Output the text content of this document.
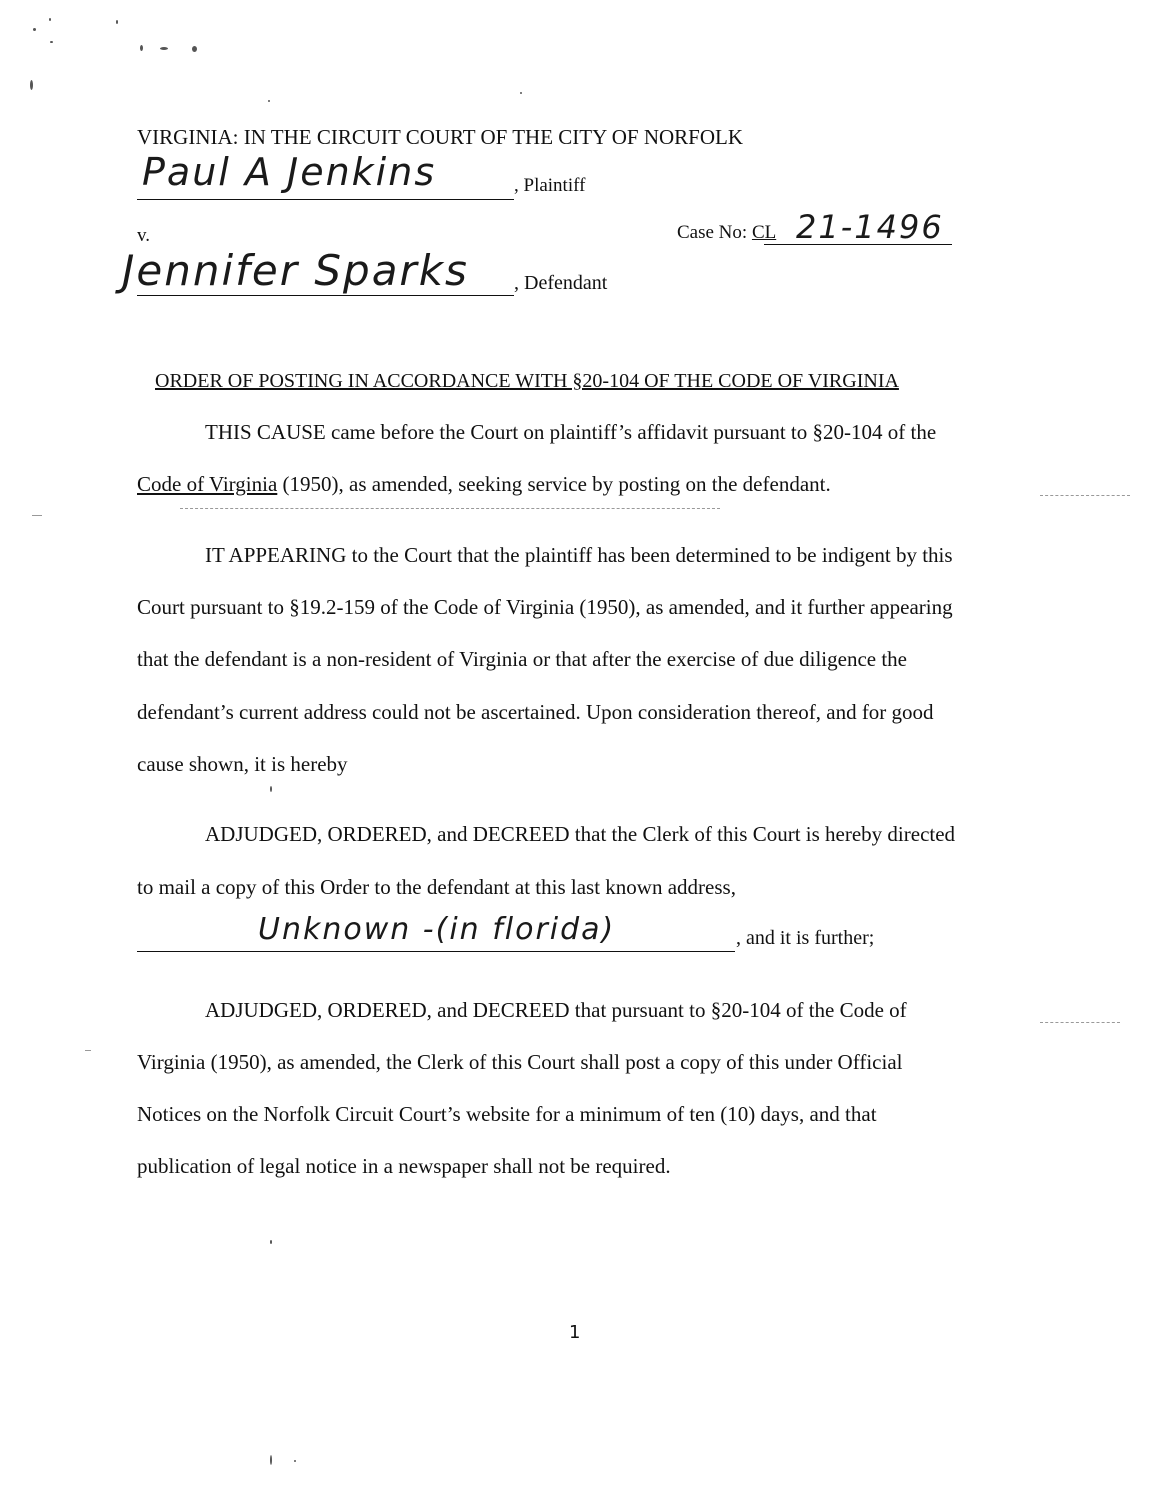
VIRGINIA: IN THE CIRCUIT COURT OF THE CITY OF NORFOLK
Paul A Jenkins	, Plaintiff
v.	Case No: CL 21-1496
Jennifer Sparks , Defendant
ORDER OF POSTING IN ACCORDANCE WITH §20-104 OF THE CODE OF VIRGINIA
THIS CAUSE came before the Court on plaintiff’s affidavit pursuant to §20-104 of the
Code of Virginia (1950), as amended, seeking service by posting on the defendant.
IT APPEARING to the Court that the plaintiff has been determined to be indigent by this
Court pursuant to §19.2-159 of the Code of Virginia (1950), as amended, and it further appearing
that the defendant is a non-resident of Virginia or that after the exercise of due diligence the
defendant’s current address could not be ascertained. Upon consideration thereof, and for good
cause shown, it is hereby
ADJUDGED, ORDERED, and DECREED that the Clerk of this Court is hereby directed
to mail a copy of this Order to the defendant at this last known address,
Unknown -(in florida)	, and it is further;
ADJUDGED, ORDERED, and DECREED that pursuant to §20-104 of the Code of
Virginia (1950), as amended, the Clerk of this Court shall post a copy of this under Official
Notices on the Norfolk Circuit Court’s website for a minimum of ten (10) days, and that
publication of legal notice in a newspaper shall not be required.
1
